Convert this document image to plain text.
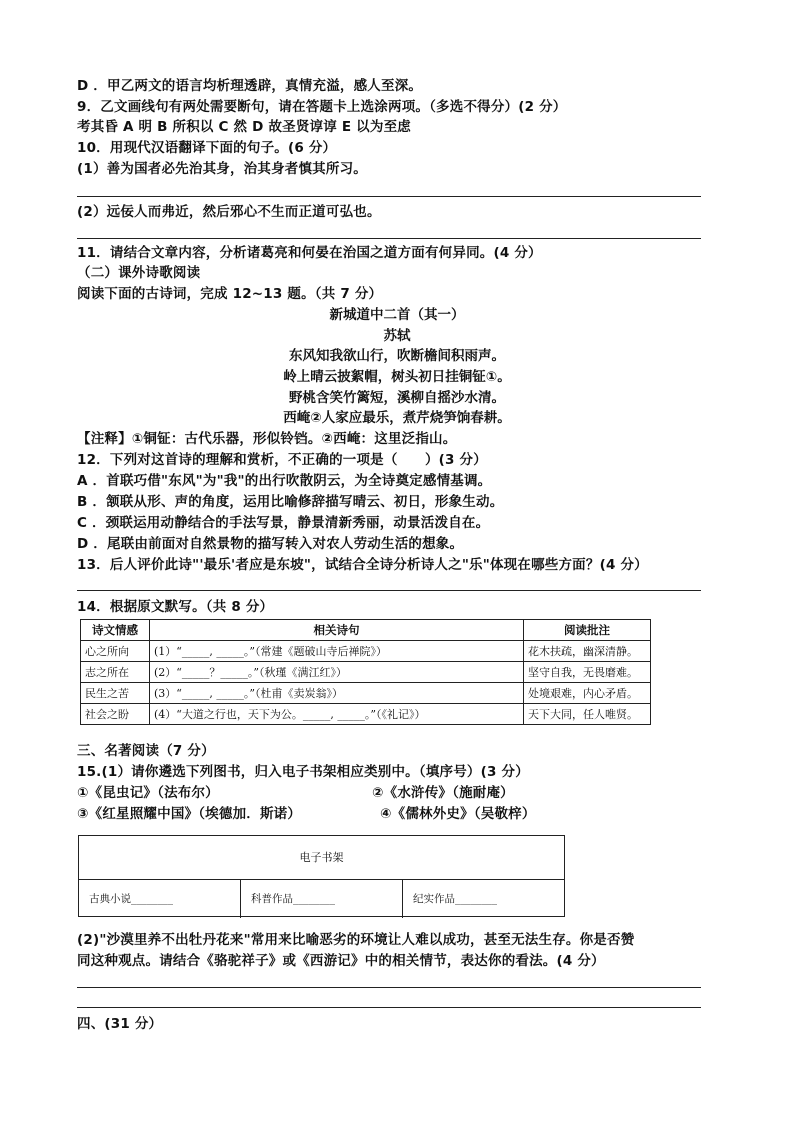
D ．甲乙两文的语言均析理透辟，真情充溢，感人至深。
9．乙文画线句有两处需要断句，请在答题卡上选涂两项。（多选不得分）(2 分）
考其昏 A 明 B 所积以 C 然 D 故圣贤谆谆 E 以为至虑
10．用现代汉语翻译下面的句子。(6 分）
(1）善为国者必先治其身，治其身者慎其所习。
(2）远佞人而弗近，然后邪心不生而正道可弘也。
11．请结合文章内容，分析诸葛亮和何晏在治国之道方面有何异同。(4 分）
（二）课外诗歌阅读
阅读下面的古诗词，完成 12~13 题。（共 7 分）
新城道中二首（其一）
苏轼
东风知我欲山行，吹断檐间积雨声。
岭上晴云披絮帽，树头初日挂铜钲①。
野桃含笑竹篱短，溪柳自摇沙水清。
西崦②人家应最乐，煮芹烧笋饷春耕。
【注释】①铜钲：古代乐器，形似铃铛。②西崦：这里泛指山。
12．下列对这首诗的理解和赏析，不正确的一项是（　　）(3 分）
A ．首联巧借"东风"为"我"的出行吹散阴云，为全诗奠定感情基调。
B ．颔联从形、声的角度，运用比喻修辞描写晴云、初日，形象生动。
C ．颈联运用动静结合的手法写景，静景清新秀丽，动景活泼自在。
D ．尾联由前面对自然景物的描写转入对农人劳动生活的想象。
13．后人评价此诗"'最乐'者应是东坡"，试结合全诗分析诗人之"乐"体现在哪些方面？(4 分）
14．根据原文默写。（共 8 分）
诗文情感	相关诗句	阅读批注
心之所向	(1）“_____, _____。”（常建《题破山寺后禅院》）	花木扶疏，幽深清静。
志之所在	(2）“_____？_____。”（秋瑾《满江红》）	坚守自我，无畏磨难。
民生之苦	(3）“_____, _____。”（杜甫《卖炭翁》）	处境艰难，内心矛盾。
社会之盼	(4）“大道之行也，天下为公。_____, _____。”（《礼记》）	天下大同，任人唯贤。
三、名著阅读（7 分）
15.(1）请你遴选下列图书，归入电子书架相应类别中。（填序号）(3 分）
①《昆虫记》（法布尔）	②《水浒传》（施耐庵）
③《红星照耀中国》（埃德加．斯诺）	④《儒林外史》（吴敬梓）
电子书架
古典小说________	科普作品________	纪实作品________
(2)"沙漠里养不出牡丹花来"常用来比喻恶劣的环境让人难以成功，甚至无法生存。你是否赞
同这种观点。请结合《骆驼祥子》或《西游记》中的相关情节，表达你的看法。(4 分）
四、(31 分）
